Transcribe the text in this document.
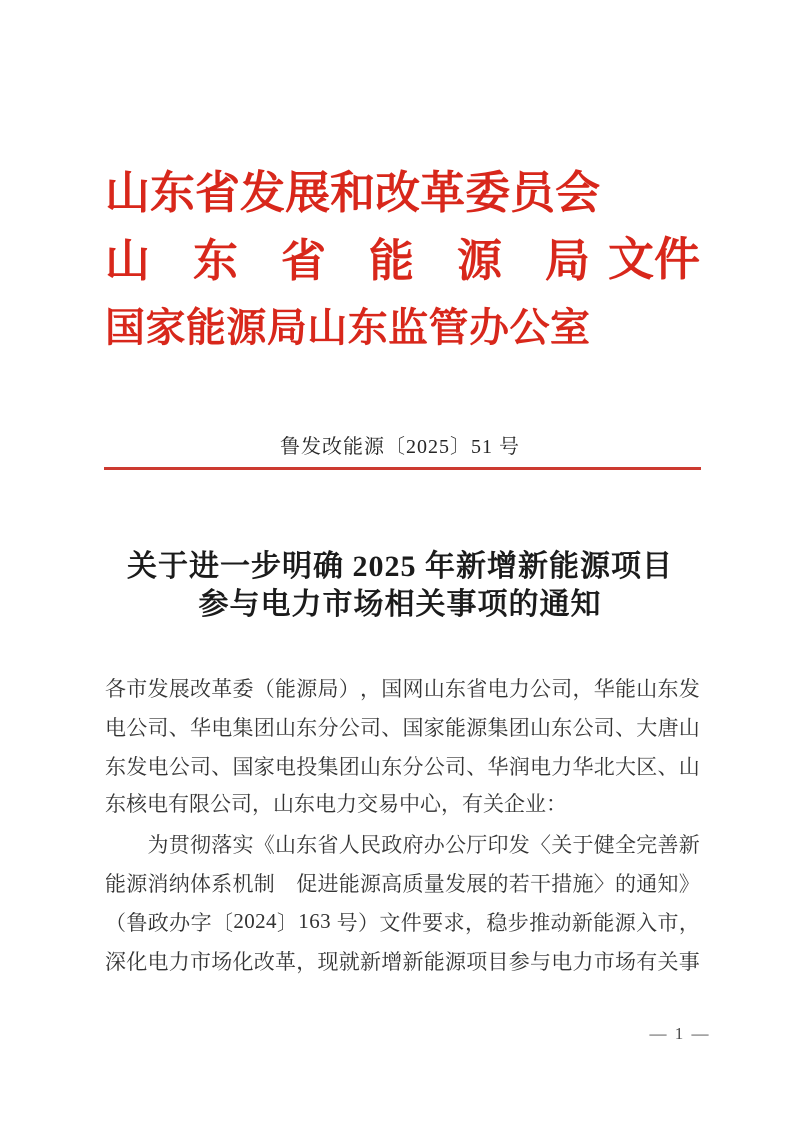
山 东 省 发 展 和 改 革 委 员 会
山 东 省 能 源 局
国 家 能 源 局 山 东 监 管 办 公 室
文 件
鲁发改能源〔2025〕51 号
关于进一步明确 2025 年新增新能源项目
参与电力市场相关事项的通知
各 市 发 展 改 革 委 （ 能 源 局 ） ， 国 网 山 东 省 电 力 公 司 ， 华 能 山 东 发
电 公 司 、 华 电 集 团 山 东 分 公 司 、 国 家 能 源 集 团 山 东 公 司 、 大 唐 山
东 发 电 公 司 、 国 家 电 投 集 团 山 东 分 公 司 、 华 润 电 力 华 北 大 区 、 山
东核电有限公司，山东电力交易中心，有关企业：

为 贯 彻 落 实 《 山 东 省 人 民 政 府 办 公 厅 印 发 〈 关 于 健 全 完 善 新
能 源 消 纳 体 系 机 制
　 促 进 能 源 高 质 量 发 展 的 若 干 措 施 〉 的 通 知 》
（ 鲁 政 办 字 〔 2 0 2 4 〕 1 6 3
号 ） 文 件 要 求 ， 稳 步 推 动 新 能 源 入 市 ，
深 化 电 力 市 场 化 改 革 ， 现 就 新 增 新 能 源 项 目 参 与 电 力 市 场 有 关 事
— 1 —
